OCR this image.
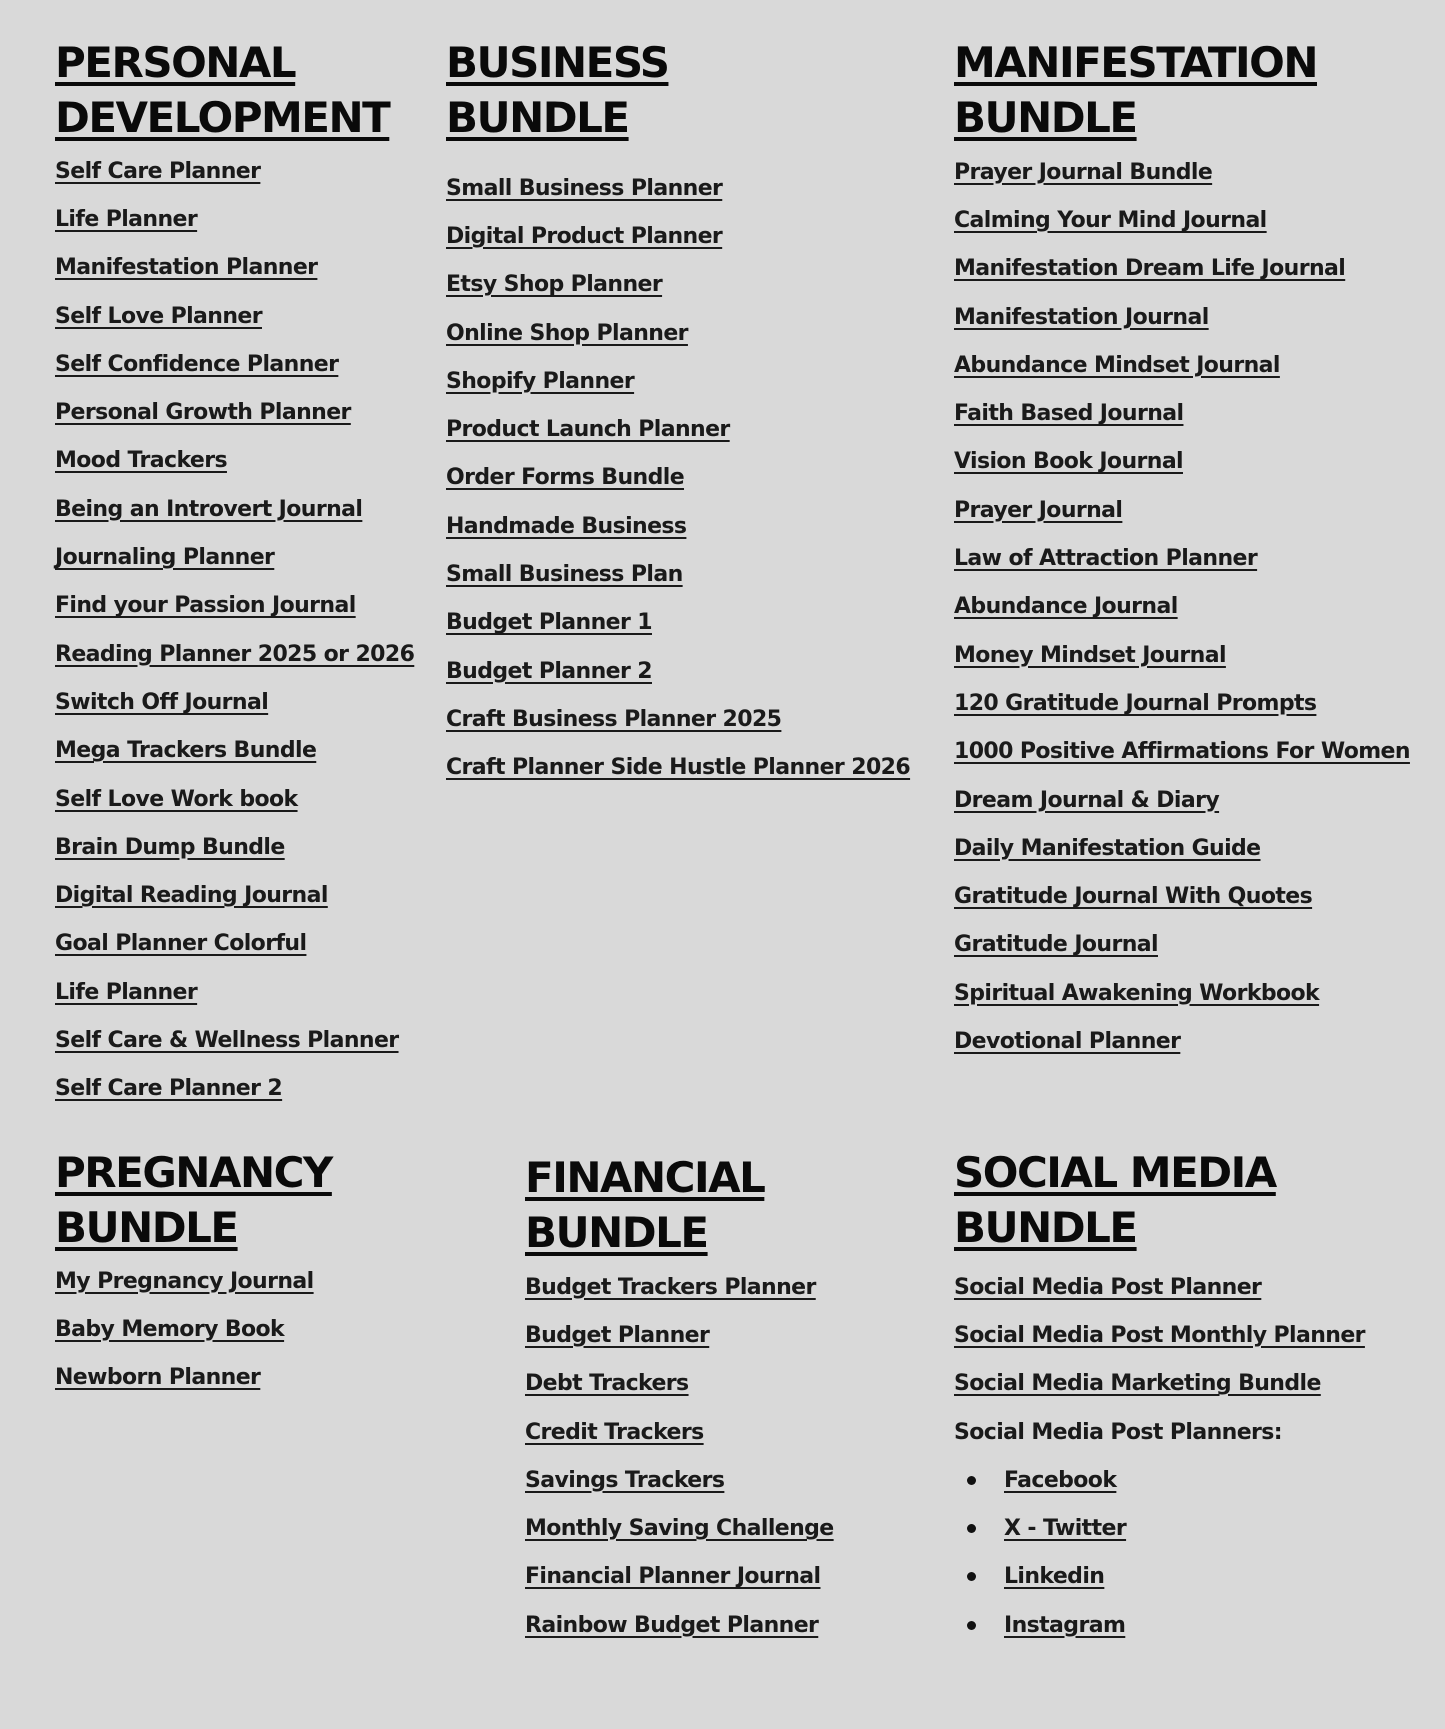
PERSONAL
DEVELOPMENT
Self Care Planner
Life Planner
Manifestation Planner
Self Love Planner
Self Confidence Planner
Personal Growth Planner
Mood Trackers
Being an Introvert Journal
Journaling Planner
Find your Passion Journal
Reading Planner 2025 or 2026
Switch Off Journal
Mega Trackers Bundle
Self Love Work book
Brain Dump Bundle
Digital Reading Journal
Goal Planner Colorful
Life Planner
Self Care & Wellness Planner
Self Care Planner 2
BUSINESS
BUNDLE
Small Business Planner
Digital Product Planner
Etsy Shop Planner
Online Shop Planner
Shopify Planner
Product Launch Planner
Order Forms Bundle
Handmade Business
Small Business Plan
Budget Planner 1
Budget Planner 2
Craft Business Planner 2025
Craft Planner Side Hustle Planner 2026
MANIFESTATION
BUNDLE
Prayer Journal Bundle
Calming Your Mind Journal
Manifestation Dream Life Journal
Manifestation Journal
Abundance Mindset Journal
Faith Based Journal
Vision Book Journal
Prayer Journal
Law of Attraction Planner
Abundance Journal
Money Mindset Journal
120 Gratitude Journal Prompts
1000 Positive Affirmations For Women
Dream Journal & Diary
Daily Manifestation Guide
Gratitude Journal With Quotes
Gratitude Journal
Spiritual Awakening Workbook
Devotional Planner
PREGNANCY
BUNDLE
My Pregnancy Journal
Baby Memory Book
Newborn Planner
FINANCIAL
BUNDLE
Budget Trackers Planner
Budget Planner
Debt Trackers
Credit Trackers
Savings Trackers
Monthly Saving Challenge
Financial Planner Journal
Rainbow Budget Planner
SOCIAL MEDIA
BUNDLE
Social Media Post Planner
Social Media Post Monthly Planner
Social Media Marketing Bundle
Social Media Post Planners:
Facebook
X - Twitter
Linkedin
Instagram
